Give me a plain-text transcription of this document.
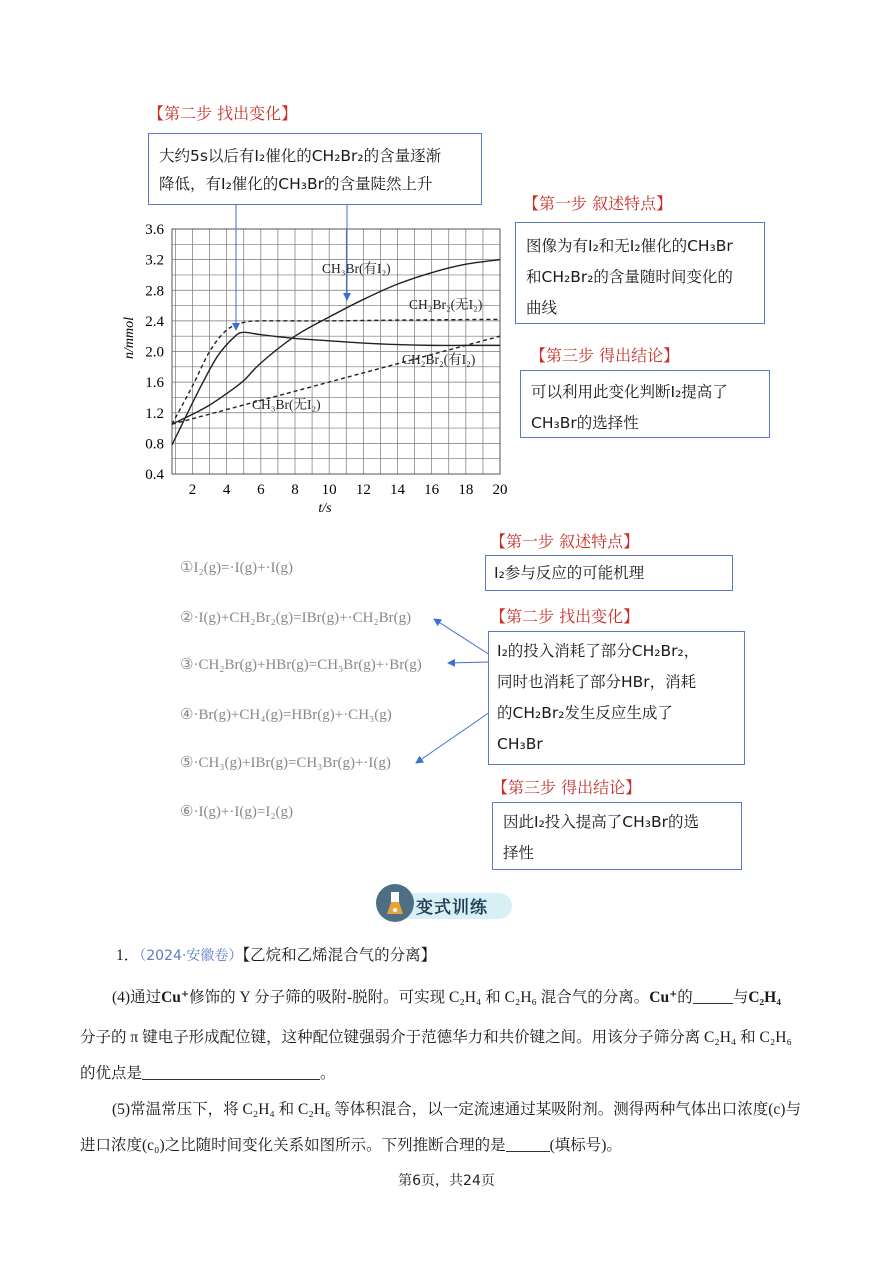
【第二步 找出变化】

大约5s以后有I₂催化的CH₂Br₂的含量逐渐

降低，有I₂催化的CH₃Br的含量陡然上升

【第一步 叙述特点】

图像为有I₂和无I₂催化的CH₃Br

和CH₂Br₂的含量随时间变化的

曲线

【第三步 得出结论】

可以利用此变化判断I₂提高了

CH₃Br的选择性

2 4 6 8 10 12 14 16 18 20
0.4
0.8
1.2
1.6
2.0
2.4
2.8
3.2
3.6
t/s
n/mmol
CH₃Br(有I₂)
CH₂Br₂(无I₂)
CH₂Br₂(有I₂)
CH₃Br(无I₂)
①I₂(g)=·I(g)+·I(g)
②·I(g)+CH₂Br₂(g)=IBr(g)+·CH₂Br(g)
③·CH₂Br(g)+HBr(g)=CH₃Br(g)+·Br(g)
④·Br(g)+CH₄(g)=HBr(g)+·CH₃(g)
⑤·CH₃(g)+IBr(g)=CH₃Br(g)+·I(g)
⑥·I(g)+·I(g)=I₂(g)
【第一步 叙述特点】

I₂参与反应的可能机理

【第二步 找出变化】

I₂的投入消耗了部分CH₂Br₂，

同时也消耗了部分HBr，消耗

的CH₂Br₂发生反应生成了

CH₃Br

【第三步 得出结论】

因此I₂投入提高了CH₃Br的选

择性

变式训练
1．（2024·安徽卷）【乙烷和乙烯混合气的分离】
(4)通过Cu⁺修饰的 Y 分子筛的吸附-脱附。可实现 C₂H₄ 和 C₂H₆ 混合气的分离。Cu⁺的	与C₂H₄
分子的 π 键电子形成配位键，这种配位键强弱介于范德华力和共价键之间。用该分子筛分离 C₂H₄ 和 C₂H₆
的优点是	。
(5)常温常压下，将 C₂H₄ 和 C₂H₆ 等体积混合，以一定流速通过某吸附剂。测得两种气体出口浓度(c)与
进口浓度(c₀)之比随时间变化关系如图所示。下列推断合理的是	(填标号)。
第6页，共24页
